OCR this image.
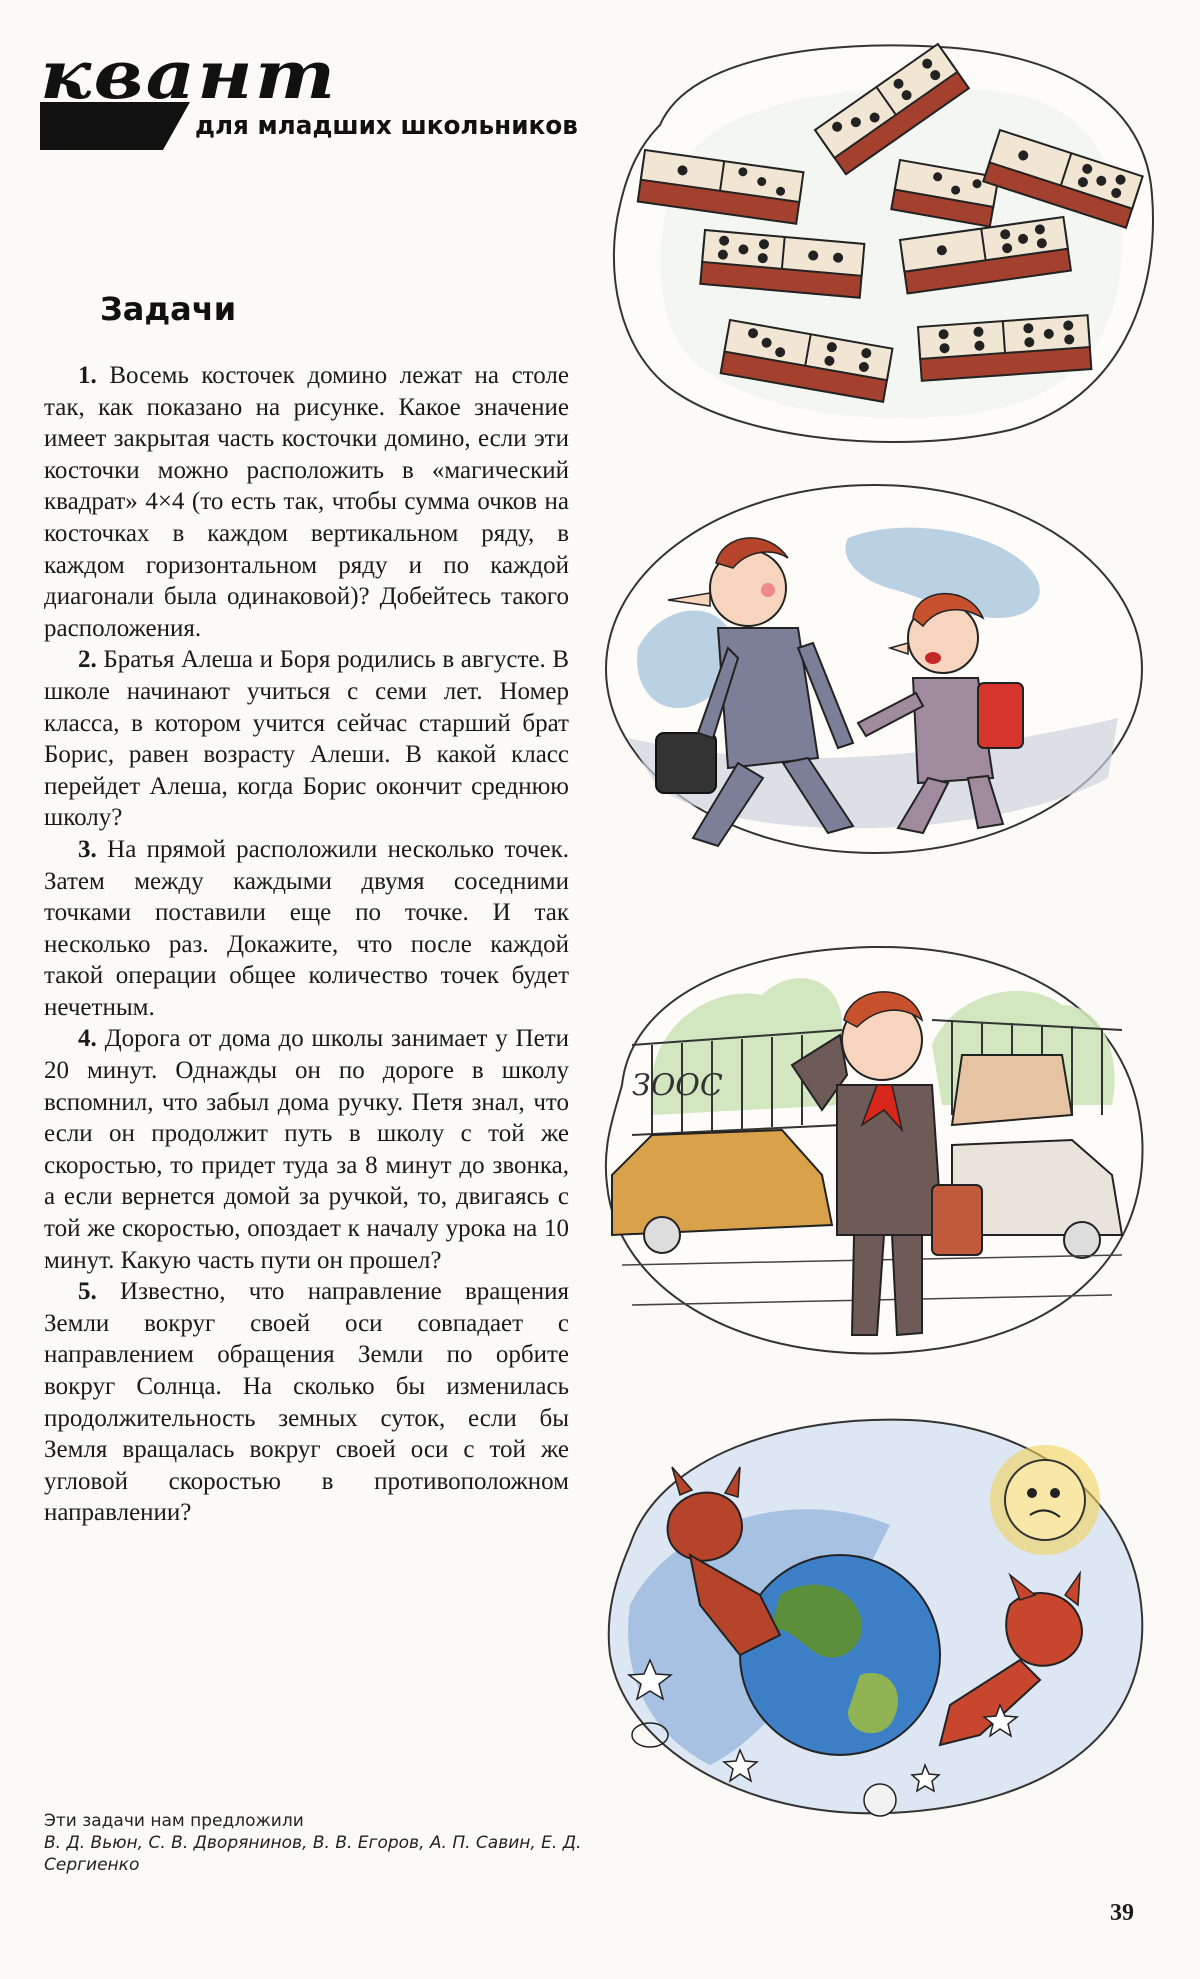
квант
для младших школьников
Задачи

1. Восемь косточек домино лежат на столе так, как показано на рисунке. Какое значение имеет закрытая часть косточки домино, если эти косточки можно расположить в «магический квадрат» 4×4 (то есть так, чтобы сумма очков на косточках в каждом вертикальном ряду, в каждом горизонтальном ряду и по каждой диагонали была одинаковой)? Добейтесь такого расположения.

2. Братья Алеша и Боря родились в августе. В школе начинают учиться с семи лет. Номер класса, в котором учится сейчас старший брат Борис, равен возрасту Алеши. В какой класс перейдет Алеша, когда Борис окончит среднюю школу?

3. На прямой расположили несколько точек. Затем между каждыми двумя соседними точками поставили еще по точке. И так несколько раз. Докажите, что после каждой такой операции общее количество точек будет нечетным.

4. Дорога от дома до школы занимает у Пети 20 минут. Однажды он по дороге в школу вспомнил, что забыл дома ручку. Петя знал, что если он продолжит путь в школу с той же скоростью, то придет туда за 8 минут до звонка, а если вернется домой за ручкой, то, двигаясь с той же скоростью, опоздает к началу урока на 10 минут. Какую часть пути он прошел?

5. Известно, что направление вращения Земли вокруг своей оси совпадает с направлением обращения Земли по орбите вокруг Солнца. На сколько бы изменилась продолжительность земных суток, если бы Земля вращалась вокруг своей оси с той же угловой скоростью в противоположном направлении?

Эти задачи нам предложили
В. Д. Вьюн, С. В. Дворянинов, В. В. Егоров, А. П. Савин, Е. Д. Сергиенко
39
ЗООС
